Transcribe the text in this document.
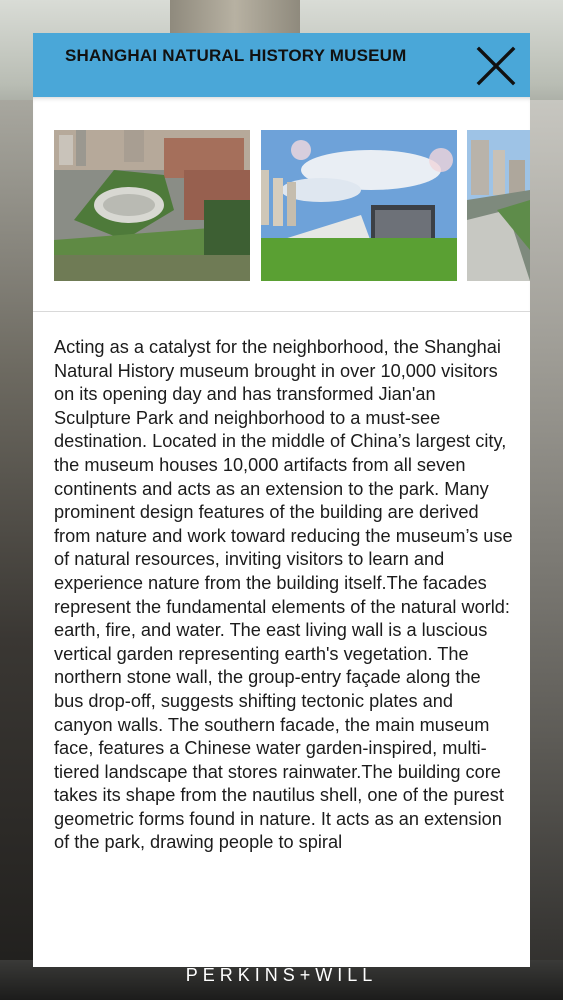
SHANGHAI NATURAL HISTORY MUSEUM
Acting as a catalyst for the neighborhood, the Shanghai Natural History museum brought in over 10,000 visitors on its opening day and has transformed Jian'an Sculpture Park and neighborhood to a must-see destination. Located in the middle of China’s largest city, the museum houses 10,000 artifacts from all seven continents and acts as an extension to the park. Many prominent design features of the building are derived from nature and work toward reducing the museum’s use of natural resources, inviting visitors to learn and experience nature from the building itself.The facades represent the fundamental elements of the natural world: earth, fire, and water. The east living wall is a luscious vertical garden representing earth's vegetation. The northern stone wall, the group-entry façade along the bus drop-off, suggests shifting tectonic plates and canyon walls. The southern facade, the main museum face, features a Chinese water garden-inspired, multi-tiered landscape that stores rainwater.The building core takes its shape from the nautilus shell, one of the purest geometric forms found in nature. It acts as an extension of the park, drawing people to spiral
PERKINS+WILL
